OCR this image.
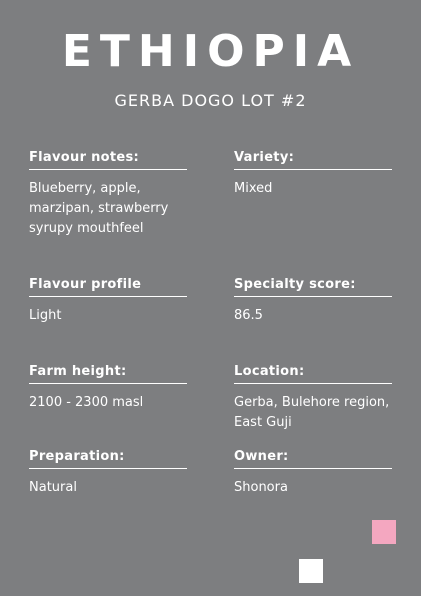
ETHIOPIA
GERBA DOGO LOT #2
Flavour notes:
Blueberry, apple,
marzipan, strawberry
syrupy mouthfeel
Variety:
Mixed
Flavour profile
Light
Specialty score:
86.5
Farm height:
2100 - 2300 masl
Location:
Gerba, Bulehore region,
East Guji
Preparation:
Natural
Owner:
Shonora
